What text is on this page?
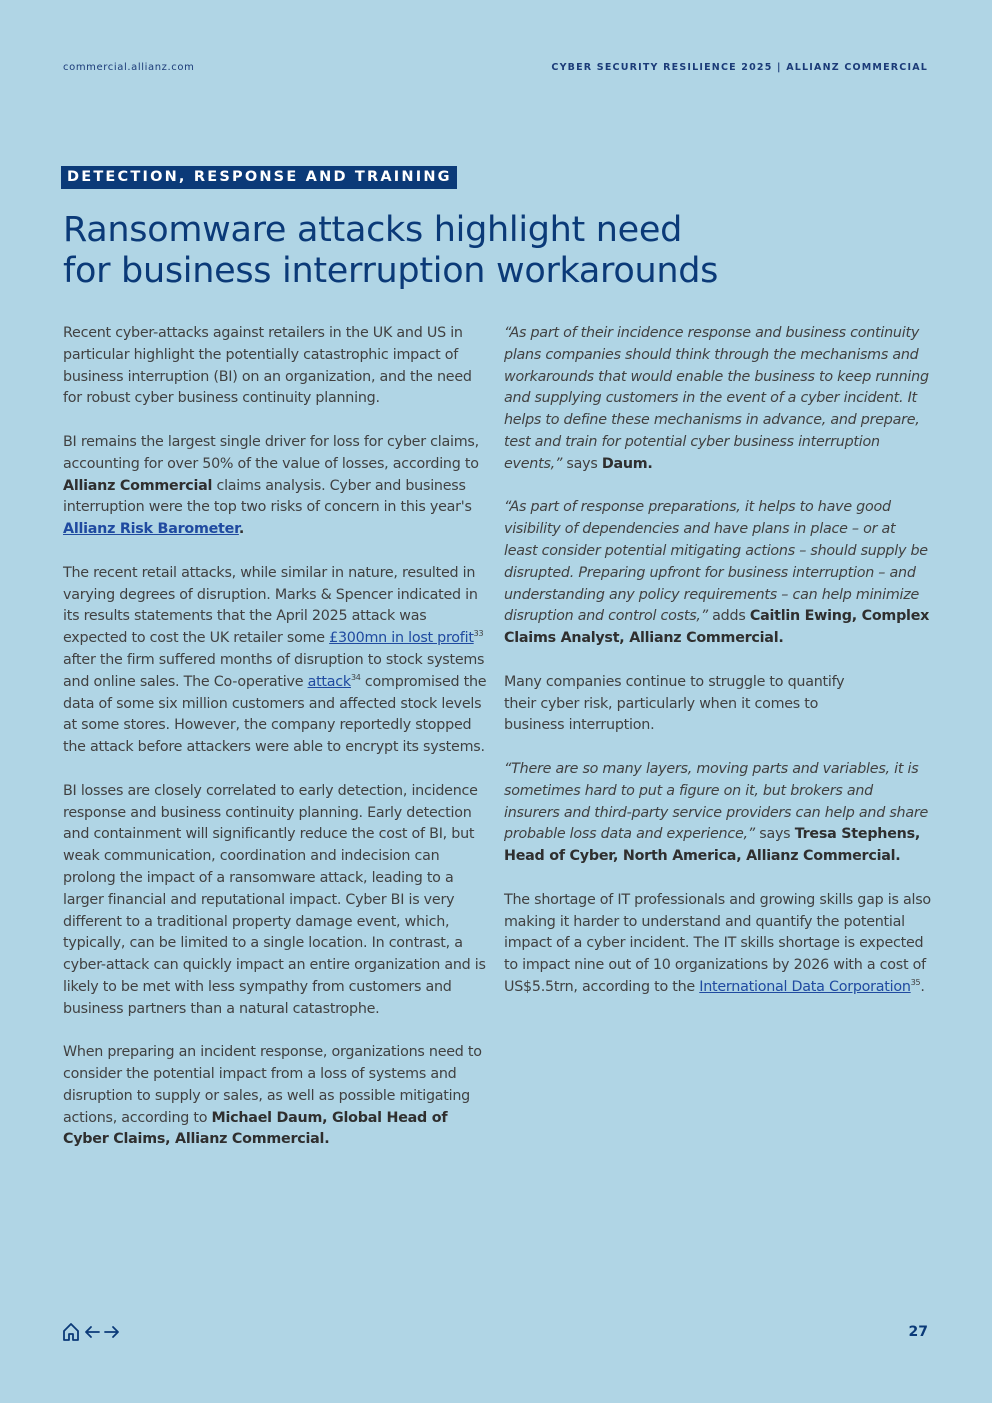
commercial.allianz.com	CYBER SECURITY RESILIENCE 2025 | ALLIANZ COMMERCIAL
DETECTION, RESPONSE AND TRAINING
Ransomware attacks highlight need
for business interruption workarounds

Recent cyber-attacks against retailers in the UK and US in particular highlight the potentially catastrophic impact of business interruption (BI) on an organization, and the need for robust cyber business continuity planning.

BI remains the largest single driver for loss for cyber claims, accounting for over 50% of the value of losses, according to Allianz Commercial claims analysis. Cyber and business interruption were the top two risks of concern in this year's Allianz Risk Barometer.

The recent retail attacks, while similar in nature, resulted in varying degrees of disruption. Marks & Spencer indicated in its results statements that the April 2025 attack was expected to cost the UK retailer some £300mn in lost profit$^{33}$ after the firm suffered months of disruption to stock systems and online sales. The Co-operative attack$^{34}$ compromised the data of some six million customers and affected stock levels at some stores. However, the company reportedly stopped the attack before attackers were able to encrypt its systems.

BI losses are closely correlated to early detection, incidence response and business continuity planning. Early detection and containment will significantly reduce the cost of BI, but weak communication, coordination and indecision can prolong the impact of a ransomware attack, leading to a larger financial and reputational impact. Cyber BI is very different to a traditional property damage event, which, typically, can be limited to a single location. In contrast, a cyber-attack can quickly impact an entire organization and is likely to be met with less sympathy from customers and business partners than a natural catastrophe.

When preparing an incident response, organizations need to consider the potential impact from a loss of systems and disruption to supply or sales, as well as possible mitigating actions, according to Michael Daum, Global Head of Cyber Claims, Allianz Commercial.

“As part of their incidence response and business continuity plans companies should think through the mechanisms and workarounds that would enable the business to keep running and supplying customers in the event of a cyber incident. It helps to define these mechanisms in advance, and prepare, test and train for potential cyber business interruption events,” says Daum.

“As part of response preparations, it helps to have good visibility of dependencies and have plans in place – or at least consider potential mitigating actions – should supply be disrupted. Preparing upfront for business interruption – and understanding any policy requirements – can help minimize disruption and control costs,” adds Caitlin Ewing, Complex Claims Analyst, Allianz Commercial.

Many companies continue to struggle to quantify their cyber risk, particularly when it comes to business interruption.

“There are so many layers, moving parts and variables, it is sometimes hard to put a figure on it, but brokers and insurers and third-party service providers can help and share probable loss data and experience,” says Tresa Stephens, Head of Cyber, North America, Allianz Commercial.

The shortage of IT professionals and growing skills gap is also making it harder to understand and quantify the potential impact of a cyber incident. The IT skills shortage is expected to impact nine out of 10 organizations by 2026 with a cost of US$5.5trn, according to the International Data Corporation$^{35}$.

27
